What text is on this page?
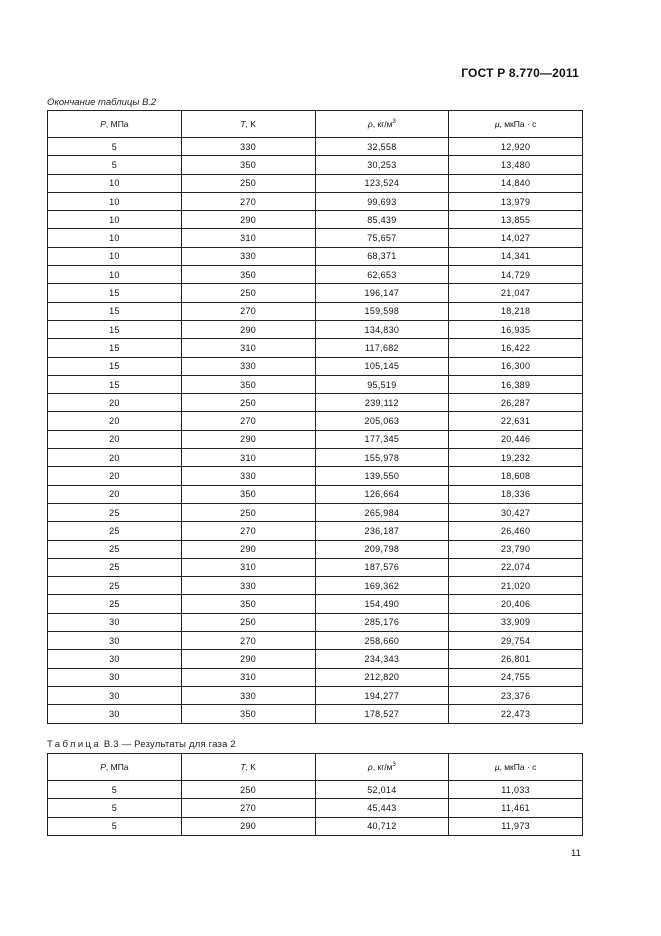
ГОСТ Р 8.770—2011
Окончание таблицы В.2
P, МПа	T, K	ρ, $кг/м^3$	μ, мкПа · с
5	330	32,558	12,920
5	350	30,253	13,480
10	250	123,524	14,840
10	270	99,693	13,979
10	290	85,439	13,855
10	310	75,657	14,027
10	330	68,371	14,341
10	350	62,653	14,729
15	250	196,147	21,047
15	270	159,598	18,218
15	290	134,830	16,935
15	310	117,682	16,422
15	330	105,145	16,300
15	350	95,519	16,389
20	250	239,112	26,287
20	270	205,063	22,631
20	290	177,345	20,446
20	310	155,978	19,232
20	330	139,550	18,608
20	350	126,664	18,336
25	250	265,984	30,427
25	270	236,187	26,460
25	290	209,798	23,790
25	310	187,576	22,074
25	330	169,362	21,020
25	350	154,490	20,406
30	250	285,176	33,909
30	270	258,660	29,754
30	290	234,343	26,801
30	310	212,820	24,755
30	330	194,277	23,376
30	350	178,527	22,473
Таблица В.3 — Результаты для газа 2
P, МПа	T, K	ρ, $кг/м^3$	μ, мкПа · с
5	250	52,014	11,033
5	270	45,443	11,461
5	290	40,712	11,973
11
